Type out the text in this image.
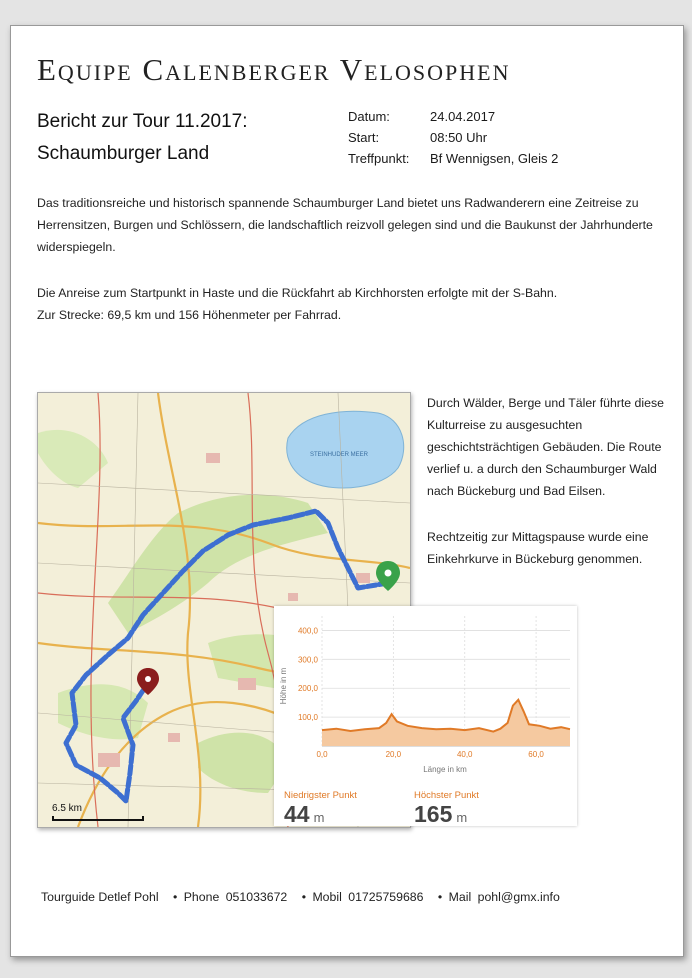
Equipe Calenberger Velosophen
Bericht zur Tour 11.2017:
Schaumburger Land
Datum:	24.04.2017
Start:	08:50 Uhr
Treffpunkt:	Bf Wennigsen, Gleis 2
Das traditionsreiche und historisch spannende Schaumburger Land bietet uns Radwanderern eine Zeitreise zu Herrensitzen, Burgen und Schlössern, die landschaftlich reizvoll gelegen sind und die Baukunst der Jahrhunderte widerspiegeln.
Die Anreise zum Startpunkt in Haste und die Rückfahrt ab Kirchhorsten erfolgte mit der S-Bahn.
Zur Strecke: 69,5 km und 156 Höhenmeter per Fahrrad.
STEINHUDER MEER
6.5 km
400,0
300,0
200,0
100,0
0,0	20,0	40,0	60,0
Höhe in m
Länge in km
Niedrigster Punkt
44 m
Höchster Punkt
165 m
Durch Wälder, Berge und Täler führte diese Kulturreise zu ausgesuchten geschichtsträchtigen Gebäuden. Die Route verlief u. a durch den Schaumburger Wald nach Bückeburg und Bad Eilsen.
Rechtzeitig zur Mittagspause wurde eine Einkehrkurve in Bückeburg genommen.
Tourguide Detlef Pohl • Phone 051033672 • Mobil 01725759686 • Mail pohl@gmx.info
